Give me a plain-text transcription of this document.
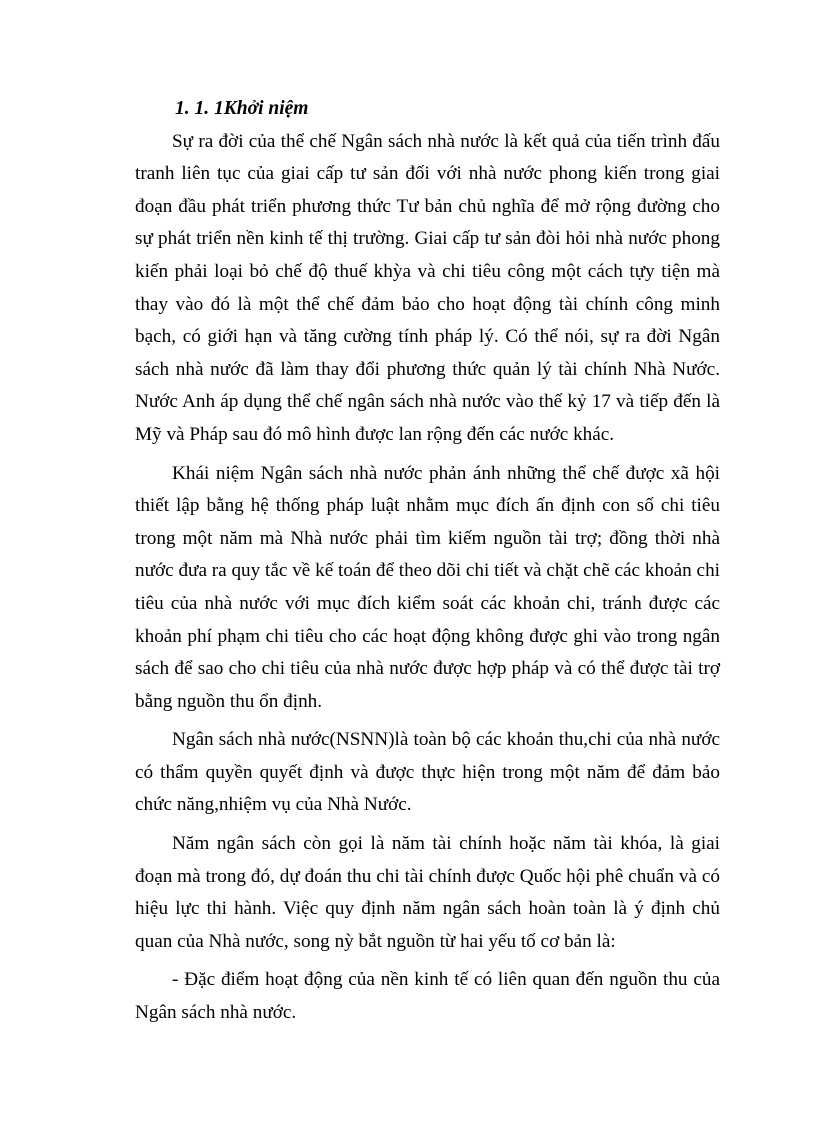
1. 1. 1Khởi niệm

Sự ra đời của thể chế Ngân sách nhà nước là kết quả của tiến trình đấu tranh liên tục của giai cấp tư sản đối với nhà nước phong kiến trong giai đoạn đầu phát triển phương thức Tư bản chủ nghĩa để mở rộng đường cho sự phát triển nền kinh tế thị trường. Giai cấp tư sản đòi hỏi nhà nước phong kiến phải loại bỏ chế độ thuế khỳa và chi tiêu công một cách tựy tiện mà thay vào đó là một thể chế đảm bảo cho hoạt động tài chính công minh bạch, có giới hạn và tăng cường tính pháp lý. Có thể nói, sự ra đời Ngân sách nhà nước đã làm thay đổi phương thức quản lý tài chính Nhà Nước. Nước Anh áp dụng thể chế ngân sách nhà nước vào thế kỷ 17 và tiếp đến là Mỹ và Pháp sau đó mô hình được lan rộng đến các nước khác.

Khái niệm Ngân sách nhà nước phản ánh những thể chế được xã hội thiết lập bằng hệ thống pháp luật nhằm mục đích ấn định con số chi tiêu trong một năm mà Nhà nước phải tìm kiếm nguồn tài trợ; đồng thời nhà nước đưa ra quy tắc về kế toán để theo dõi chi tiết và chặt chẽ các khoản chi tiêu của nhà nước với mục đích kiểm soát các khoản chi, tránh được các khoản phí phạm chi tiêu cho các hoạt động không được ghi vào trong ngân sách để sao cho chi tiêu của nhà nước được hợp pháp và có thể được tài trợ bằng nguồn thu ổn định.

Ngân sách nhà nước(NSNN)là toàn bộ các khoản thu,chi của nhà nước có thẩm quyền quyết định và được thực hiện trong một năm để đảm bảo chức năng,nhiệm vụ của Nhà Nước.

Năm ngân sách còn gọi là năm tài chính hoặc năm tài khóa, là giai đoạn mà trong đó, dự đoán thu chi tài chính được Quốc hội phê chuẩn và có hiệu lực thi hành. Việc quy định năm ngân sách hoàn toàn là ý định chủ quan của Nhà nước, song nỳ bắt nguồn từ hai yếu tố cơ bản là:

- Đặc điểm hoạt động của nền kinh tế có liên quan đến nguồn thu của Ngân sách nhà nước.
